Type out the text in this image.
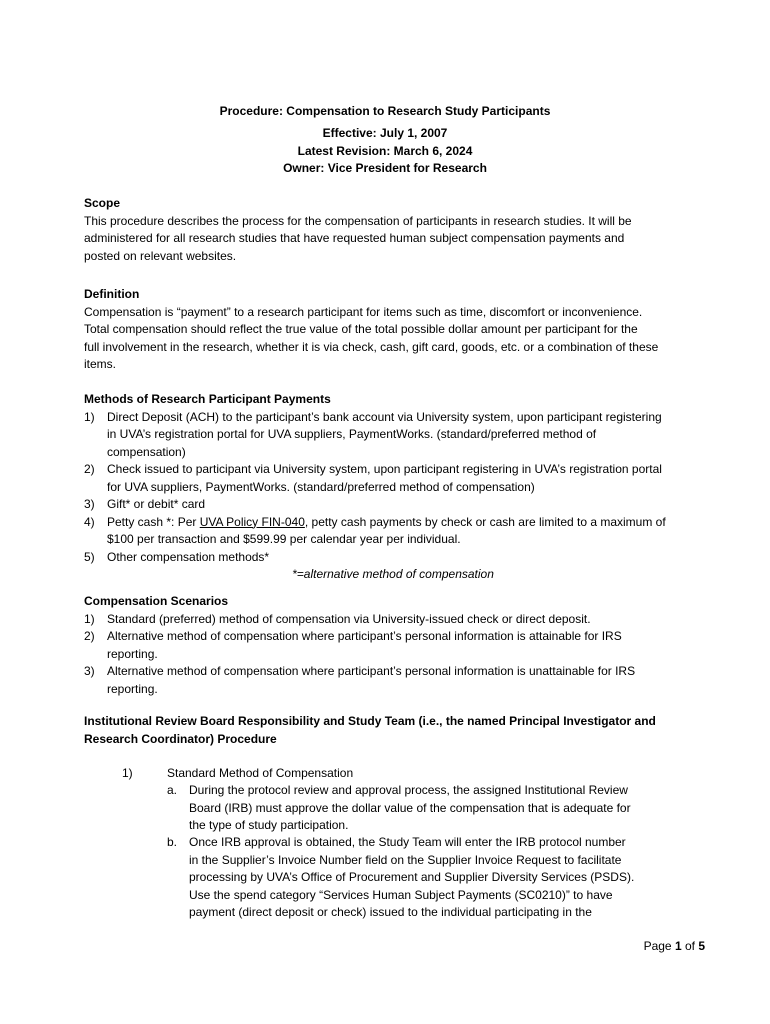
Procedure: Compensation to Research Study Participants
Effective: July 1, 2007
Latest Revision: March 6, 2024
Owner: Vice President for Research
Scope
This procedure describes the process for the compensation of participants in research studies. It will be
administered for all research studies that have requested human subject compensation payments and
posted on relevant websites.
Definition
Compensation is “payment” to a research participant for items such as time, discomfort or inconvenience.
Total compensation should reflect the true value of the total possible dollar amount per participant for the
full involvement in the research, whether it is via check, cash, gift card, goods, etc. or a combination of these
items.
Methods of Research Participant Payments
1) Direct Deposit (ACH) to the participant’s bank account via University system, upon participant registering
in UVA’s registration portal for UVA suppliers, PaymentWorks. (standard/preferred method of
compensation)
2) Check issued to participant via University system, upon participant registering in UVA’s registration portal
for UVA suppliers, PaymentWorks. (standard/preferred method of compensation)
3) Gift* or debit* card
4) Petty cash *: Per UVA Policy FIN-040, petty cash payments by check or cash are limited to a maximum of
$100 per transaction and $599.99 per calendar year per individual.
5) Other compensation methods*
*=alternative method of compensation
Compensation Scenarios
1) Standard (preferred) method of compensation via University-issued check or direct deposit.
2) Alternative method of compensation where participant’s personal information is attainable for IRS
reporting.
3) Alternative method of compensation where participant’s personal information is unattainable for IRS
reporting.
Institutional Review Board Responsibility and Study Team (i.e., the named Principal Investigator and
Research Coordinator) Procedure
1)	Standard Method of Compensation
a. During the protocol review and approval process, the assigned Institutional Review
Board (IRB) must approve the dollar value of the compensation that is adequate for
the type of study participation.
b. Once IRB approval is obtained, the Study Team will enter the IRB protocol number
in the Supplier’s Invoice Number field on the Supplier Invoice Request to facilitate
processing by UVA’s Office of Procurement and Supplier Diversity Services (PSDS).
Use the spend category “Services Human Subject Payments (SC0210)” to have
payment (direct deposit or check) issued to the individual participating in the
Page 1 of 5
